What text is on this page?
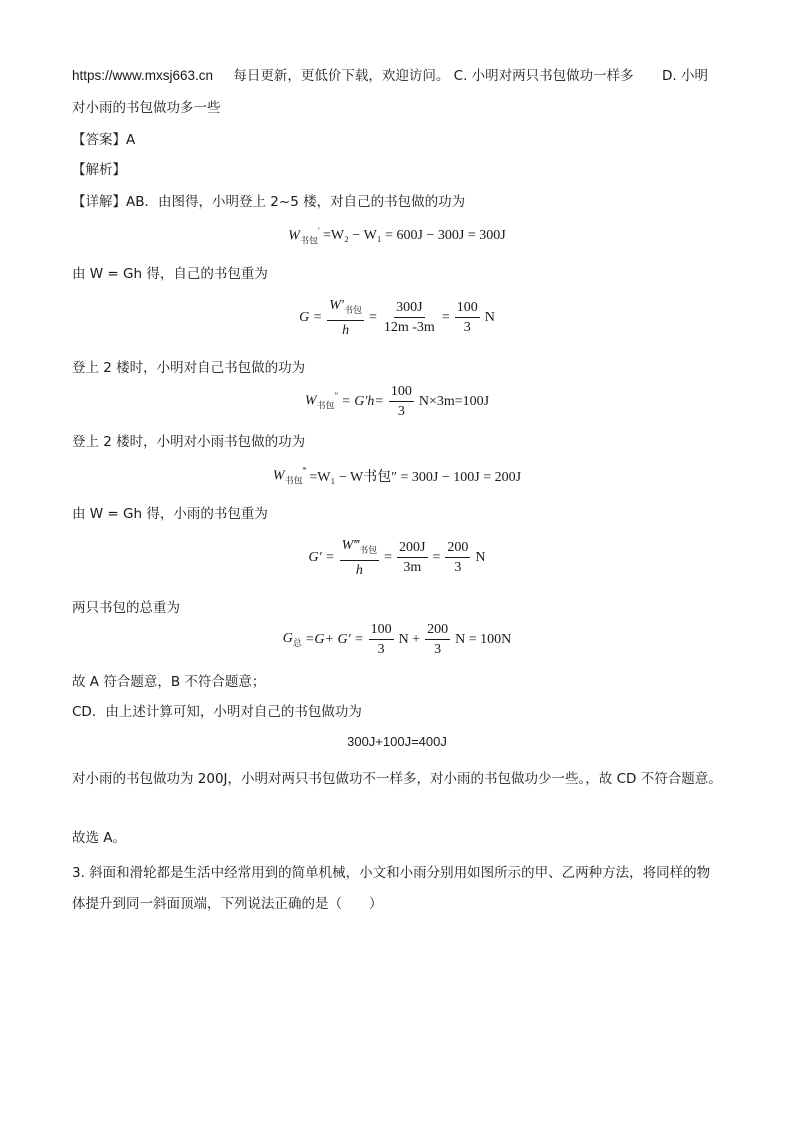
https://www.mxsj663.cn 每日更新，更低价下载，欢迎访问。 C. 小明对两只书包做功一样多 D. 小明
对小雨的书包做功多一些
【答案】A
【解析】
【详解】AB．由图得，小明登上 2~5 楼，对自己的书包做的功为
$W_{书包}' =W_2 - W_1 = 600J - 300J = 300J$
由 W = Gh 得，自己的书包重为
$G = \frac{W'_{书包}}{h} = \frac{300J}{12m -3m} = \frac{100}{3}$ N
登上 2 楼时，小明对自己书包做的功为
$W_{书包}'' = G'h= \frac{100}{3} N\times 3m=100J$
登上 2 楼时，小明对小雨书包做的功为
$W_{书包}^‴ =W_1 - W$书包″ = 300J − 100J = 200J
由 W = Gh 得，小雨的书包重为
$G' = \frac{W‴_{书包}}{h} = \frac{200J}{3m} = \frac{200}{3}$ N
两只书包的总重为
$G_总 =G+ G' = \frac{100}{3}$ $N + \frac{200}{3}$ N = 100N
故 A 符合题意，B 不符合题意；
CD．由上述计算可知，小明对自己的书包做功为
300J+100J=400J
对小雨的书包做功为 200J，小明对两只书包做功不一样多，对小雨的书包做功少一些。，故 CD 不符合题意。
故选 A。
3. 斜面和滑轮都是生活中经常用到的简单机械，小文和小雨分别用如图所示的甲、乙两种方法，将同样的物体提升到同一斜面顶端，下列说法正确的是（　　）
